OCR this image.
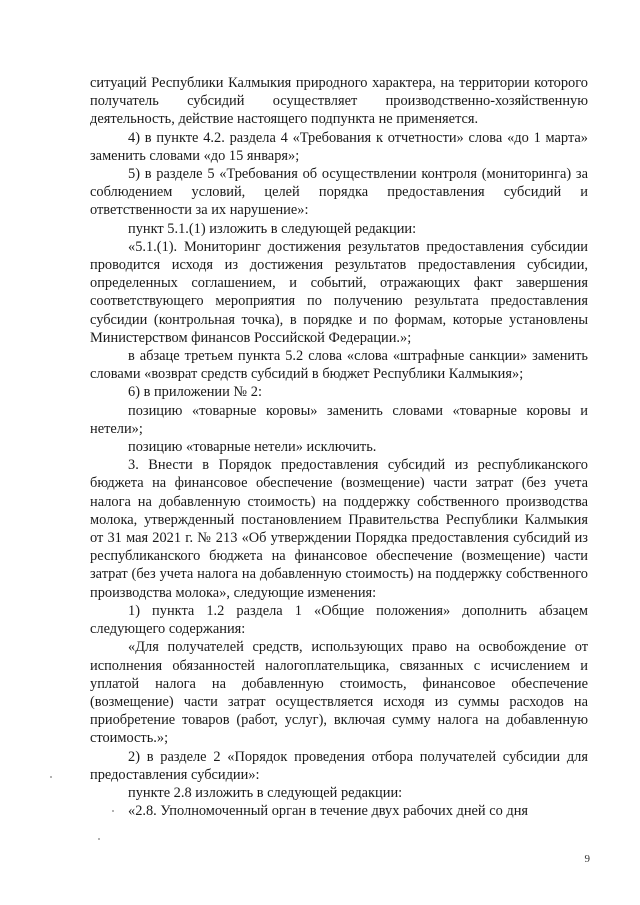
ситуаций Республики Калмыкия природного характера, на территории которого получатель субсидий осуществляет производственно-хозяйственную деятельность, действие настоящего подпункта не применяется.

4) в пункте 4.2. раздела 4 «Требования к отчетности» слова «до 1 марта» заменить словами «до 15 января»;

5) в разделе 5 «Требования об осуществлении контроля (мониторинга) за соблюдением условий, целей порядка предоставления субсидий и ответственности за их нарушение»:

пункт 5.1.(1) изложить в следующей редакции:

«5.1.(1). Мониторинг достижения результатов предоставления субсидии проводится исходя из достижения результатов предоставления субсидии, определенных соглашением, и событий, отражающих факт завершения соответствующего мероприятия по получению результата предоставления субсидии (контрольная точка), в порядке и по формам, которые установлены Министерством финансов Российской Федерации.»;

в абзаце третьем пункта 5.2 слова «слова «штрафные санкции» заменить словами «возврат средств субсидий в бюджет Республики Калмыкия»;

6) в приложении № 2:

позицию «товарные коровы» заменить словами «товарные коровы и нетели»;

позицию «товарные нетели» исключить.

3. Внести в Порядок предоставления субсидий из республиканского бюджета на финансовое обеспечение (возмещение) части затрат (без учета налога на добавленную стоимость) на поддержку собственного производства молока, утвержденный постановлением Правительства Республики Калмыкия от 31 мая 2021 г. № 213 «Об утверждении Порядка предоставления субсидий из республиканского бюджета на финансовое обеспечение (возмещение) части затрат (без учета налога на добавленную стоимость) на поддержку собственного производства молока», следующие изменения:

1) пункта 1.2 раздела 1 «Общие положения» дополнить абзацем следующего содержания:

«Для получателей средств, использующих право на освобождение от исполнения обязанностей налогоплательщика, связанных с исчислением и уплатой налога на добавленную стоимость, финансовое обеспечение (возмещение) части затрат осуществляется исходя из суммы расходов на приобретение товаров (работ, услуг), включая сумму налога на добавленную стоимость.»;

2) в разделе 2 «Порядок проведения отбора получателей субсидии для предоставления субсидии»:

пункте 2.8 изложить в следующей редакции:

«2.8. Уполномоченный орган в течение двух рабочих дней со дня

9
